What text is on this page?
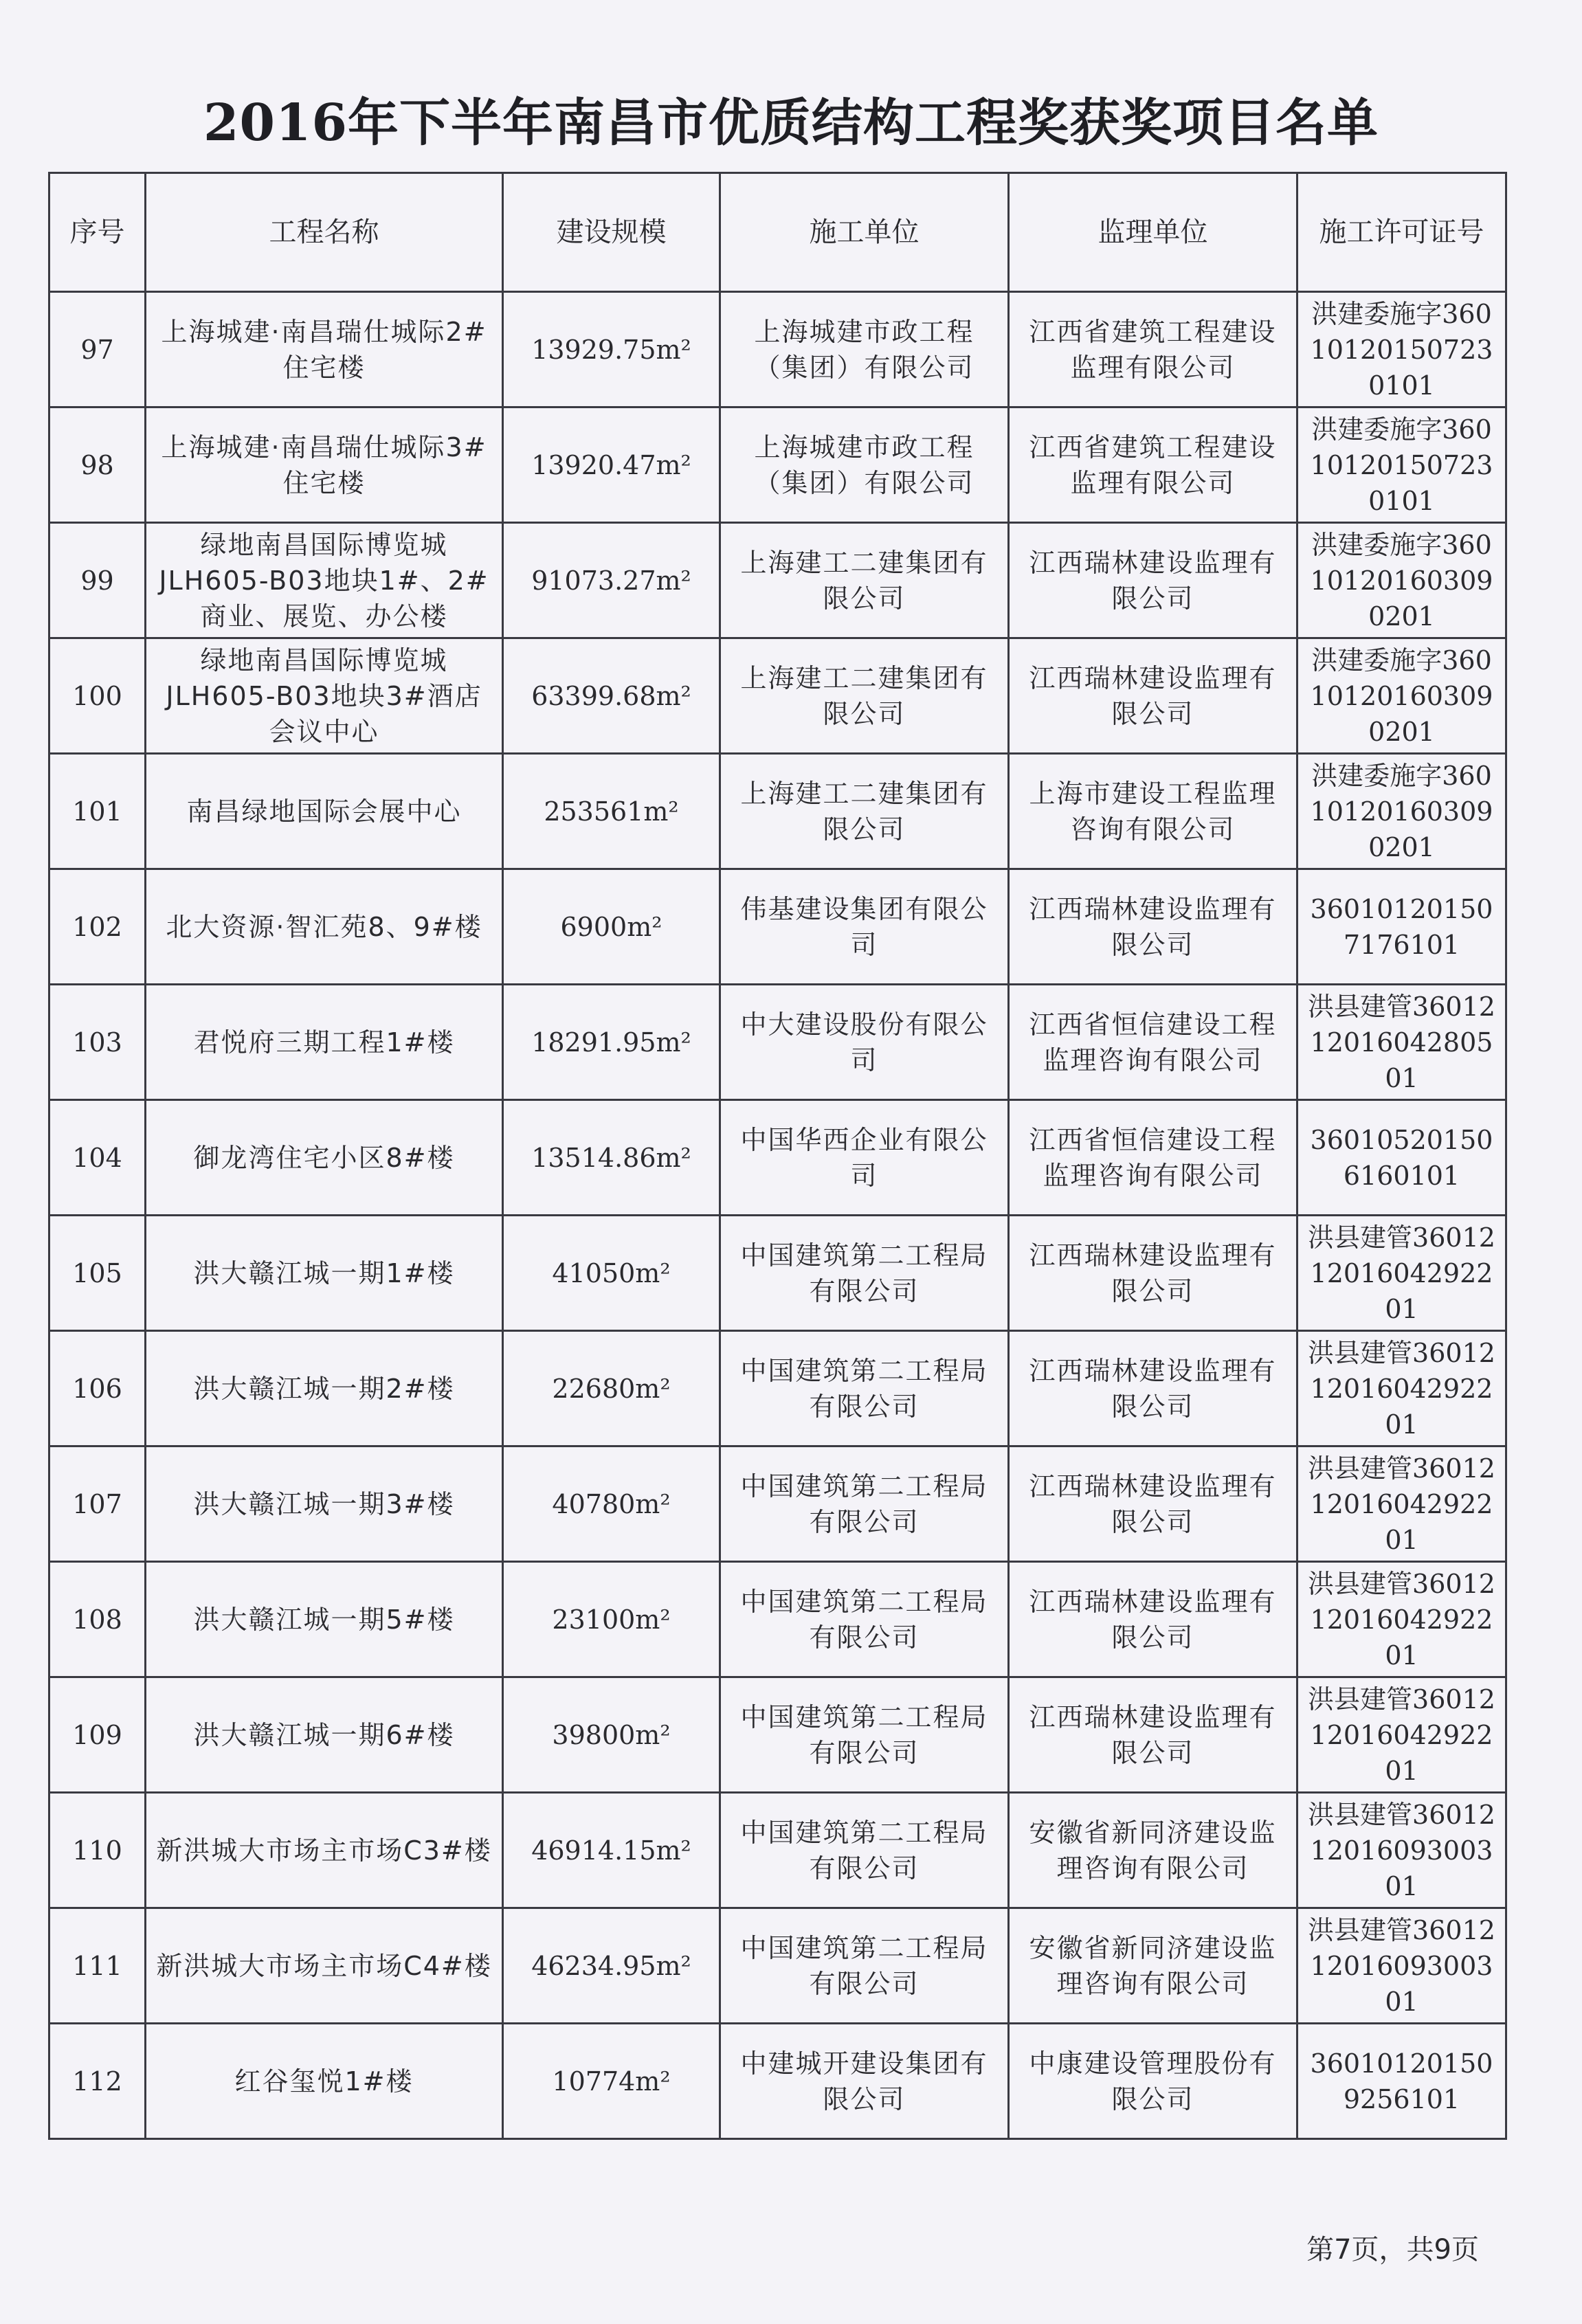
2016年下半年南昌市优质结构工程奖获奖项目名单
序号	工程名称	建设规模	施工单位	监理单位	施工许可证号
97	上海城建·南昌瑞仕城际2#住宅楼	13929.75m²	上海城建市政工程（集团）有限公司	江西省建筑工程建设监理有限公司	洪建委施字360101201507230101
98	上海城建·南昌瑞仕城际3#住宅楼	13920.47m²	上海城建市政工程（集团）有限公司	江西省建筑工程建设监理有限公司	洪建委施字360101201507230101
99	绿地南昌国际博览城JLH605-B03地块1#、2#商业、展览、办公楼	91073.27m²	上海建工二建集团有限公司	江西瑞林建设监理有限公司	洪建委施字360101201603090201
100	绿地南昌国际博览城JLH605-B03地块3#酒店会议中心	63399.68m²	上海建工二建集团有限公司	江西瑞林建设监理有限公司	洪建委施字360101201603090201
101	南昌绿地国际会展中心	253561m²	上海建工二建集团有限公司	上海市建设工程监理咨询有限公司	洪建委施字360101201603090201
102	北大资源·智汇苑8、9#楼	6900m²	伟基建设集团有限公司	江西瑞林建设监理有限公司	360101201507176101
103	君悦府三期工程1#楼	18291.95m²	中大建设股份有限公司	江西省恒信建设工程监理咨询有限公司	洪县建管360121201604280501
104	御龙湾住宅小区8#楼	13514.86m²	中国华西企业有限公司	江西省恒信建设工程监理咨询有限公司	360105201506160101
105	洪大赣江城一期1#楼	41050m²	中国建筑第二工程局有限公司	江西瑞林建设监理有限公司	洪县建管360121201604292201
106	洪大赣江城一期2#楼	22680m²	中国建筑第二工程局有限公司	江西瑞林建设监理有限公司	洪县建管360121201604292201
107	洪大赣江城一期3#楼	40780m²	中国建筑第二工程局有限公司	江西瑞林建设监理有限公司	洪县建管360121201604292201
108	洪大赣江城一期5#楼	23100m²	中国建筑第二工程局有限公司	江西瑞林建设监理有限公司	洪县建管360121201604292201
109	洪大赣江城一期6#楼	39800m²	中国建筑第二工程局有限公司	江西瑞林建设监理有限公司	洪县建管360121201604292201
110	新洪城大市场主市场C3#楼	46914.15m²	中国建筑第二工程局有限公司	安徽省新同济建设监理咨询有限公司	洪县建管360121201609300301
111	新洪城大市场主市场C4#楼	46234.95m²	中国建筑第二工程局有限公司	安徽省新同济建设监理咨询有限公司	洪县建管360121201609300301
112	红谷玺悦1#楼	10774m²	中建城开建设集团有限公司	中康建设管理股份有限公司	360101201509256101
第7页，共9页
